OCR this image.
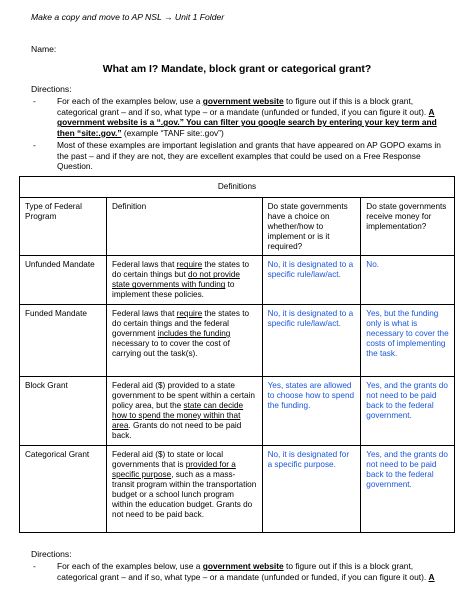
Make a copy and move to AP NSL → Unit 1 Folder
Name:
What am I? Mandate, block grant or categorical grant?
Directions:
-	For each of the examples below, use a government website to figure out if this is a block grant, categorical grant – and if so, what type – or a mandate (unfunded or funded, if you can figure it out). A government website is a “.gov.” You can filter you google search by entering your key term and then “site:.gov.” (example “TANF site:.gov”)
-	Most of these examples are important legislation and grants that have appeared on AP GOPO exams in the past – and if they are not, they are excellent examples that could be used on a Free Response Question.
Definitions			
Type of Federal Program	Definition	Do state governments have a choice on whether/how to implement or is it required?	Do state governments receive money for implementation?
Unfunded Mandate	Federal laws that require the states to do certain things but do not provide state governments with funding to implement these policies.	No, it is designated to a specific rule/law/act.	No.
Funded Mandate	Federal laws that require the states to do certain things and the federal government includes the funding necessary to to cover the cost of carrying out the task(s).	No, it is designated to a specific rule/law/act.	Yes, but the funding only is what is necessary to cover the costs of implementing the task.
Block Grant	Federal aid ($) provided to a state government to be spent within a certain policy area, but the state can decide how to spend the money within that area. Grants do not need to be paid back.	Yes, states are allowed to choose how to spend the funding.	Yes, and the grants do not need to be paid back to the federal government.
Categorical Grant	Federal aid ($) to state or local governments that is provided for a specific purpose, such as a mass-transit program within the transportation budget or a school lunch program within the education budget. Grants do not need to be paid back.	No, it is designated for a specific purpose.	Yes, and the grants do not need to be paid back to the federal government.
Directions:
-	For each of the examples below, use a government website to figure out if this is a block grant, categorical grant – and if so, what type – or a mandate (unfunded or funded, if you can figure it out). A
